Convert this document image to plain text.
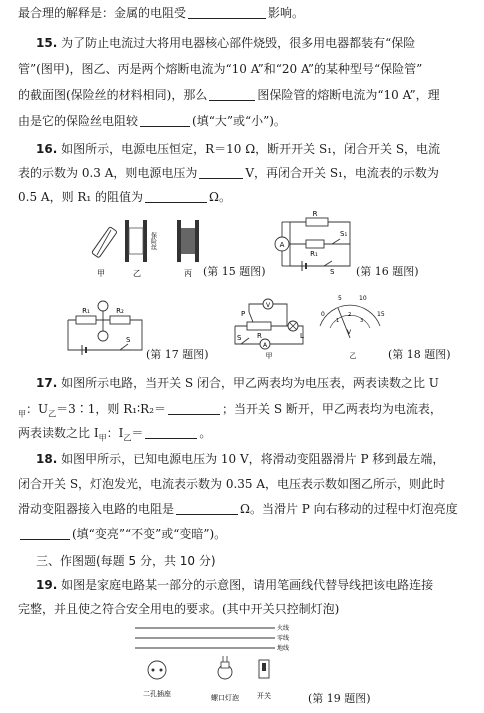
最合理的解释是：金属的电阻受	影响。
15. 为了防止电流过大将用电器核心部件烧毁，很多用电器都装有“保险
管”(图甲)，图乙、丙是两个熔断电流为“10 A”和“20 A”的某种型号“保险管”
的截面图(保险丝的材料相同)，那么	图保险管的熔断电流为“10 A”，理
由是它的保险丝电阻较	(填“大”或“小”)。
16. 如图所示，电源电压恒定，R＝10 Ω，断开开关 S₁，闭合开关 S，电流
表的示数为 0.3 A，则电源电压为	V，再闭合开关 S₁，电流表的示数为
0.5 A，则 R₁ 的阻值为	Ω。
甲	乙	丙
保险丝
(第 15 题图)
A
R
R₁
S₁
S (第 16 题图)
R₁	R₂
S
(第 17 题图)
V
A
P
R	L
S
甲
0
5	10
15
1
2
3
V
乙	(第 18 题图)
17. 如图所示电路，当开关 S 闭合，甲乙两表均为电压表，两表读数之比 U
$_甲$：$U_乙=3∶1$，则 R₁∶R₂＝	；当开关 S 断开，甲乙两表均为电流表，
两表读数之比 $I_甲$：$I_乙=$	。
18. 如图甲所示，已知电源电压为 10 V，将滑动变阻器滑片 P 移到最左端，
闭合开关 S，灯泡发光，电流表示数为 0.35 A，电压表示数如图乙所示，则此时
滑动变阻器接入电路的电阻是	Ω。当滑片 P 向右移动的过程中灯泡亮度
(填“变亮”“不变”或“变暗”)。
三、作图题(每题 5 分，共 10 分)
19. 如图是家庭电路某一部分的示意图，请用笔画线代替导线把该电路连接
完整，并且使之符合安全用电的要求。(其中开关只控制灯泡)
火线
零线
地线
二孔插座	螺口灯泡	开关	(第 19 题图)
